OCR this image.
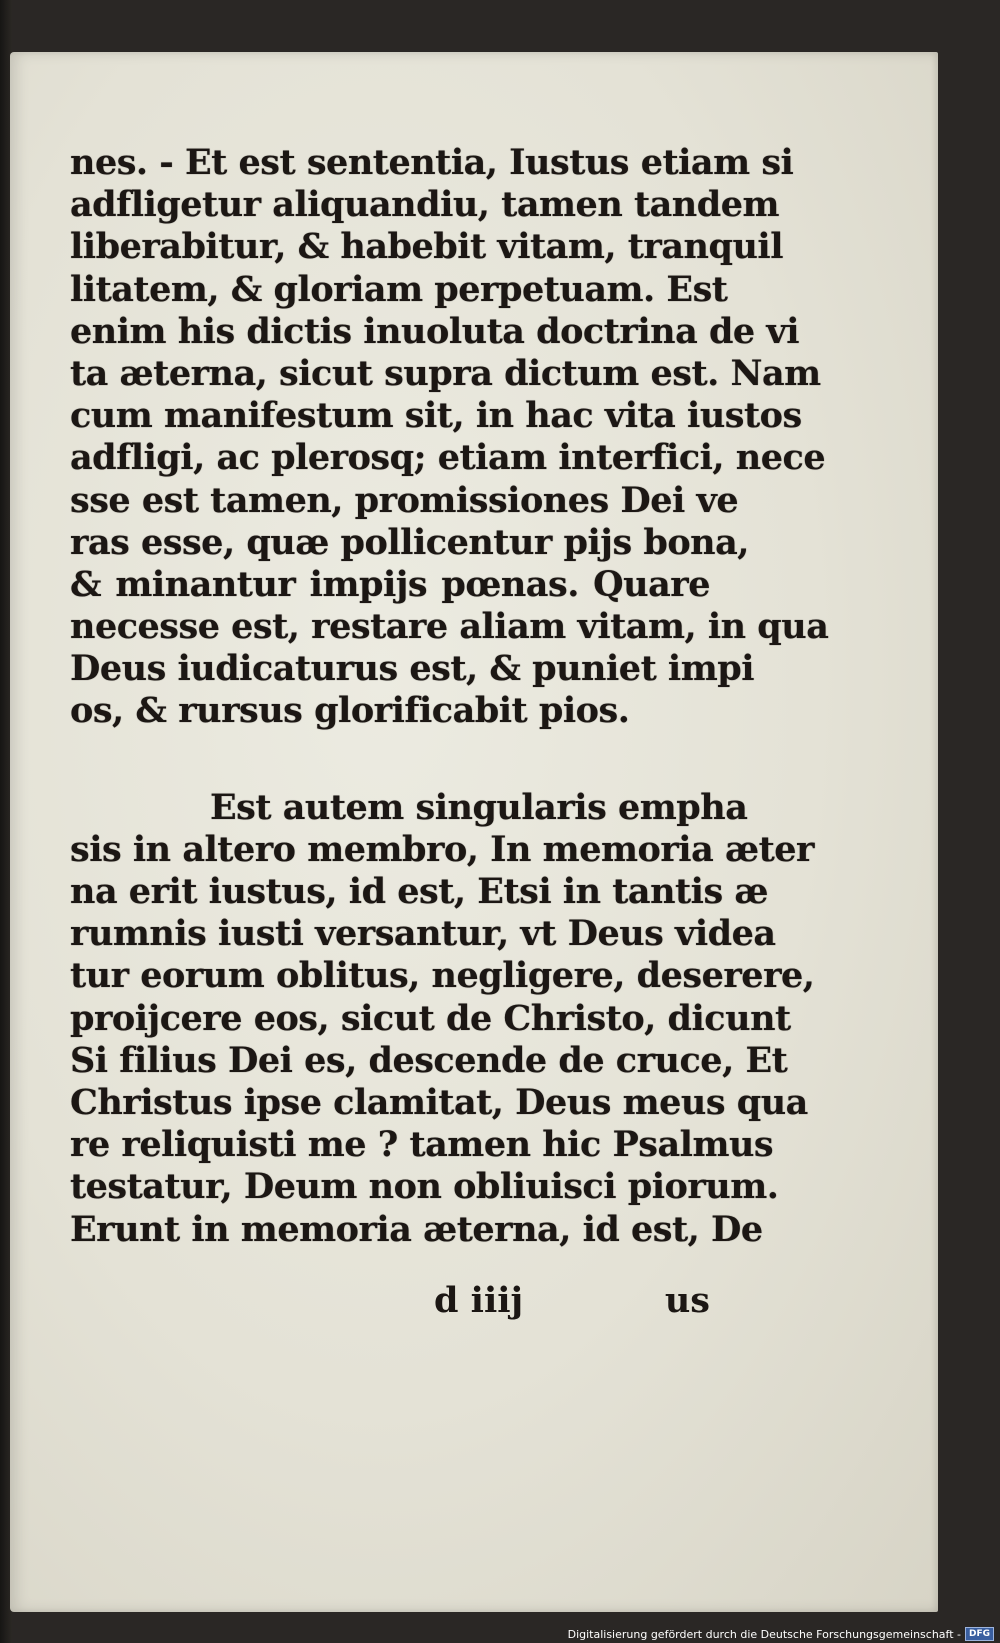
nes. - Et est sententia, Iustus etiam si
adfligetur aliquandiu, tamen tandem
liberabitur, & habebit vitam, tranquil
litatem, & gloriam perpetuam. Est
enim his dictis inuoluta doctrina de vi
ta æterna, sicut supra dictum est. Nam
cum manifestum sit, in hac vita iustos
adfligi, ac plerosq; etiam interfici, nece
sse est tamen, promissiones Dei ve
ras esse, quæ pollicentur pijs bona,
& minantur impijs pœnas. Quare
necesse est, restare aliam vitam, in qua
Deus iudicaturus est, & puniet impi
os, & rursus glorificabit pios.
Est autem singularis empha
sis in altero membro, In memoria æter
na erit iustus, id est, Etsi in tantis æ
rumnis iusti versantur, vt Deus videa
tur eorum oblitus, negligere, deserere,
proijcere eos, sicut de Christo, dicunt
Si filius Dei es, descende de cruce, Et
Christus ipse clamitat, Deus meus qua
re reliquisti me ? tamen hic Psalmus
testatur, Deum non obliuisci piorum.
Erunt in memoria æterna, id est, De
d iiij	us
Digitalisierung gefördert durch die Deutsche Forschungsgemeinschaft - DFG
